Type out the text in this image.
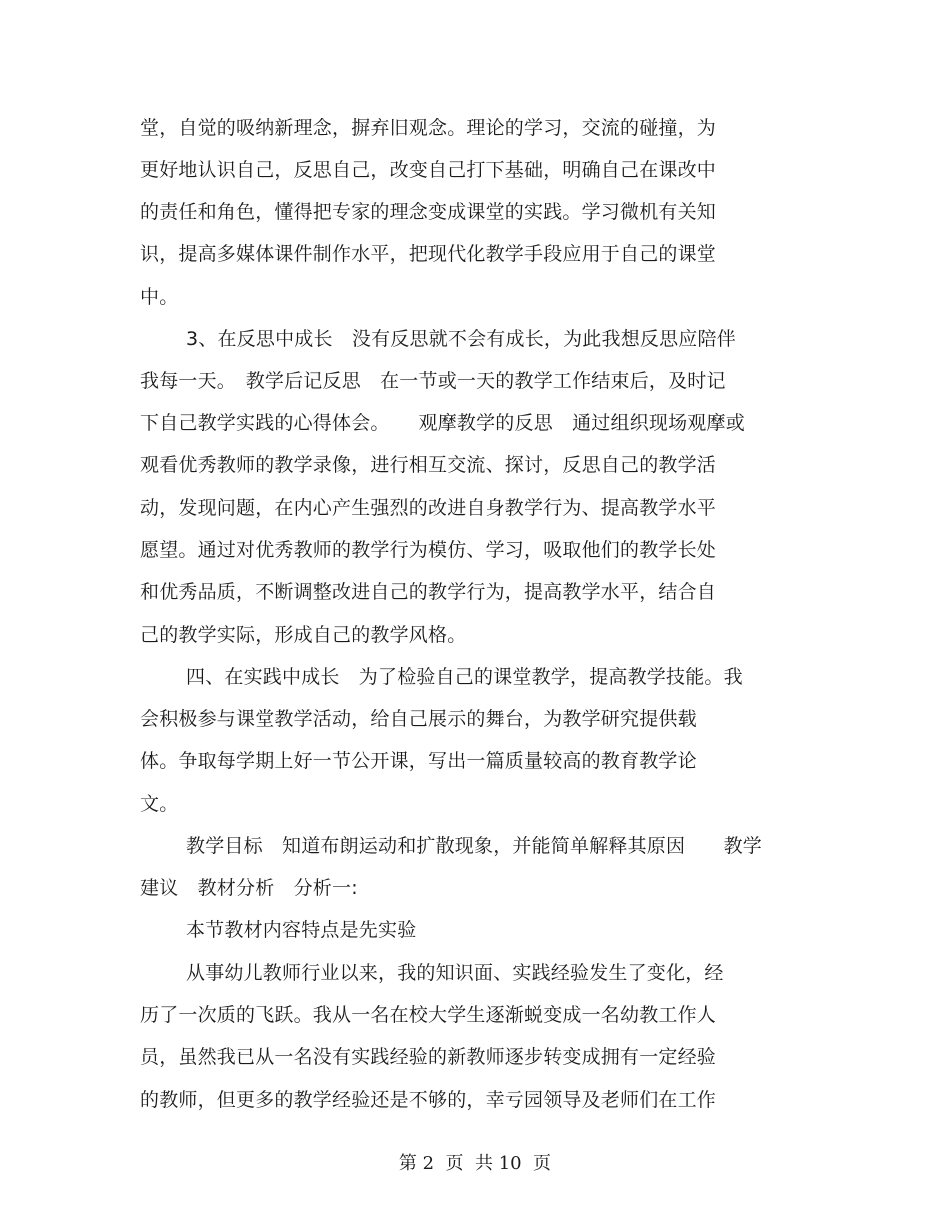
堂，自觉的吸纳新理念，摒弃旧观念。理论的学习，交流的碰撞，为
更好地认识自己，反思自己，改变自己打下基础，明确自己在课改中
的责任和角色，懂得把专家的理念变成课堂的实践。学习微机有关知
识，提高多媒体课件制作水平，把现代化教学手段应用于自己的课堂
中。
3、在反思中成长　没有反思就不会有成长，为此我想反思应陪伴
我每一天。　教学后记反思　在一节或一天的教学工作结束后，及时记
下自己教学实践的心得体会。　　观摩教学的反思　通过组织现场观摩或
观看优秀教师的教学录像，进行相互交流、探讨，反思自己的教学活
动，发现问题，在内心产生强烈的改进自身教学行为、提高教学水平
愿望。通过对优秀教师的教学行为模仿、学习，吸取他们的教学长处
和优秀品质，不断调整改进自己的教学行为，提高教学水平，结合自
己的教学实际，形成自己的教学风格。
四、在实践中成长　为了检验自己的课堂教学，提高教学技能。我
会积极参与课堂教学活动，给自己展示的舞台，为教学研究提供载
体。争取每学期上好一节公开课，写出一篇质量较高的教育教学论
文。
教学目标　知道布朗运动和扩散现象，并能简单解释其原因　　教学
建议　教材分析　分析一:
本节教材内容特点是先实验
从事幼儿教师行业以来，我的知识面、实践经验发生了变化，经
历了一次质的飞跃。我从一名在校大学生逐渐蜕变成一名幼教工作人
员，虽然我已从一名没有实践经验的新教师逐步转变成拥有一定经验
的教师，但更多的教学经验还是不够的，幸亏园领导及老师们在工作
第 2  页  共 10  页
